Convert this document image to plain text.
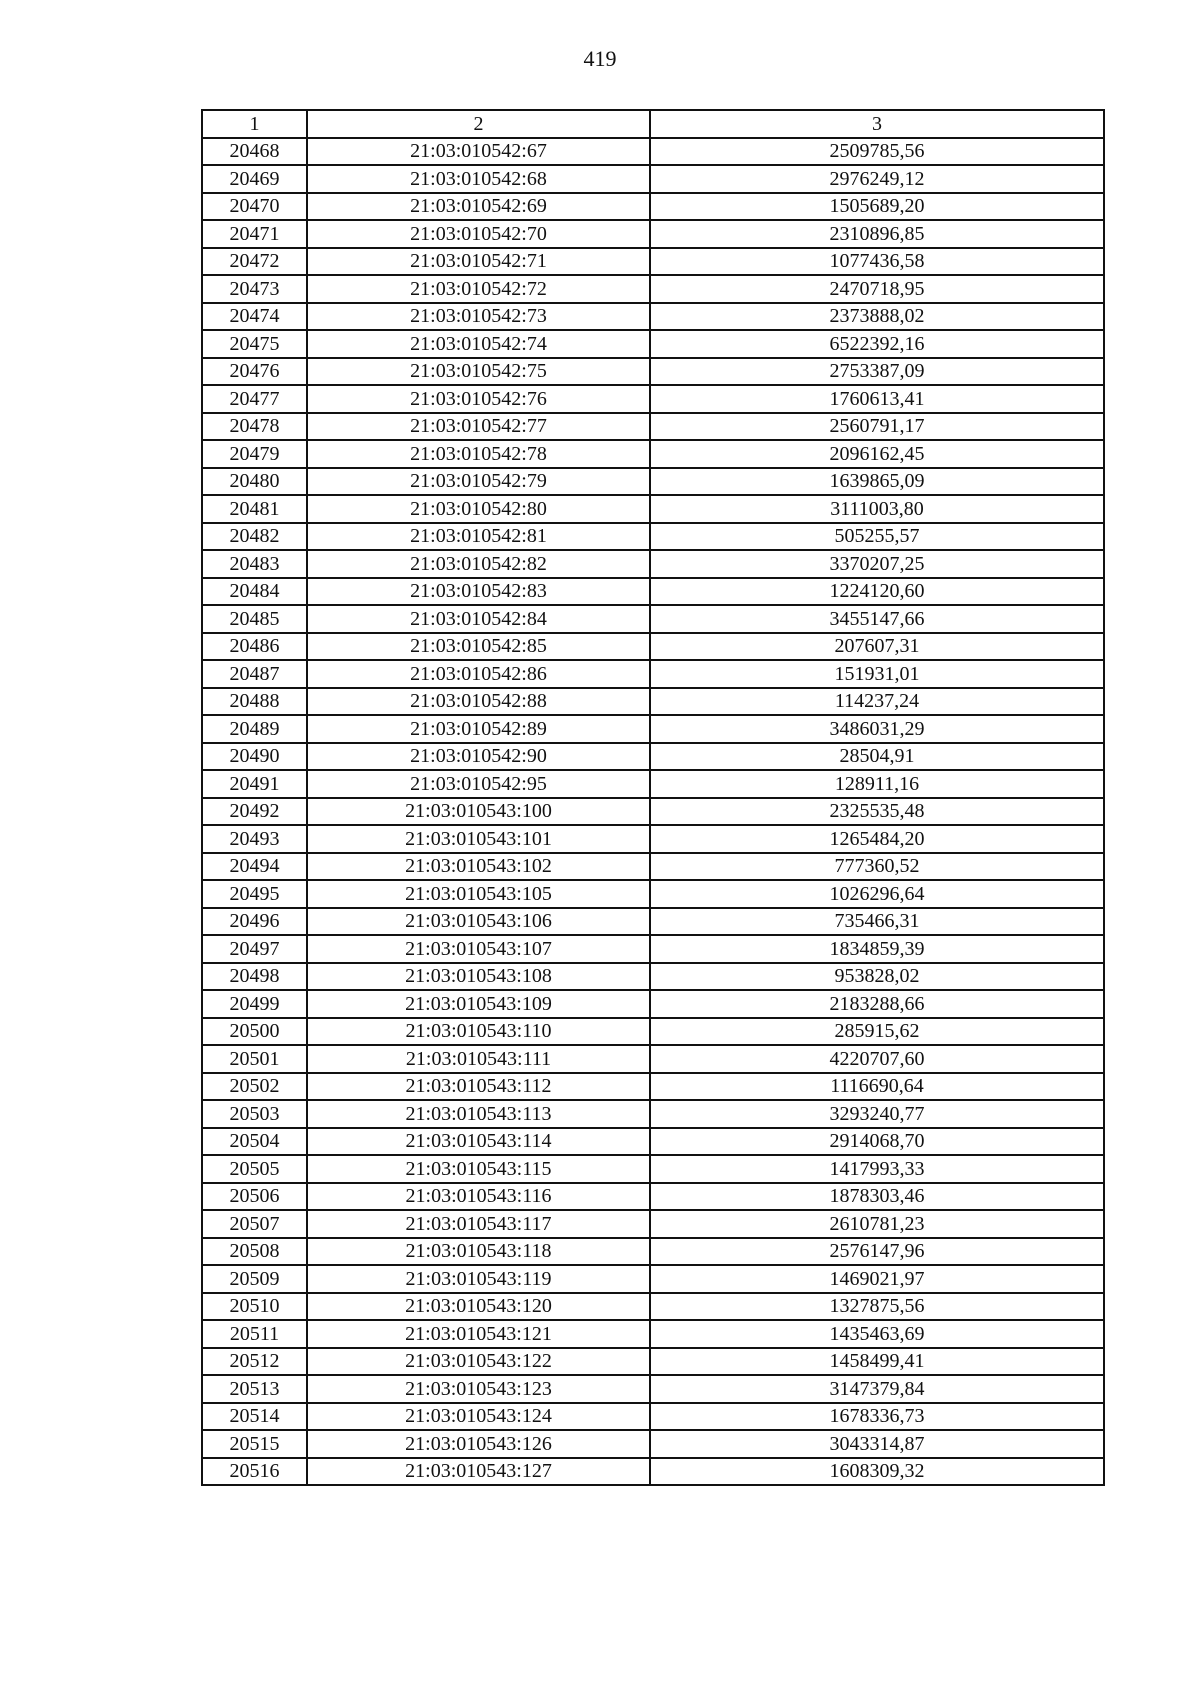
419
1	2	3
20468	21:03:010542:67	2509785,56
20469	21:03:010542:68	2976249,12
20470	21:03:010542:69	1505689,20
20471	21:03:010542:70	2310896,85
20472	21:03:010542:71	1077436,58
20473	21:03:010542:72	2470718,95
20474	21:03:010542:73	2373888,02
20475	21:03:010542:74	6522392,16
20476	21:03:010542:75	2753387,09
20477	21:03:010542:76	1760613,41
20478	21:03:010542:77	2560791,17
20479	21:03:010542:78	2096162,45
20480	21:03:010542:79	1639865,09
20481	21:03:010542:80	3111003,80
20482	21:03:010542:81	505255,57
20483	21:03:010542:82	3370207,25
20484	21:03:010542:83	1224120,60
20485	21:03:010542:84	3455147,66
20486	21:03:010542:85	207607,31
20487	21:03:010542:86	151931,01
20488	21:03:010542:88	114237,24
20489	21:03:010542:89	3486031,29
20490	21:03:010542:90	28504,91
20491	21:03:010542:95	128911,16
20492	21:03:010543:100	2325535,48
20493	21:03:010543:101	1265484,20
20494	21:03:010543:102	777360,52
20495	21:03:010543:105	1026296,64
20496	21:03:010543:106	735466,31
20497	21:03:010543:107	1834859,39
20498	21:03:010543:108	953828,02
20499	21:03:010543:109	2183288,66
20500	21:03:010543:110	285915,62
20501	21:03:010543:111	4220707,60
20502	21:03:010543:112	1116690,64
20503	21:03:010543:113	3293240,77
20504	21:03:010543:114	2914068,70
20505	21:03:010543:115	1417993,33
20506	21:03:010543:116	1878303,46
20507	21:03:010543:117	2610781,23
20508	21:03:010543:118	2576147,96
20509	21:03:010543:119	1469021,97
20510	21:03:010543:120	1327875,56
20511	21:03:010543:121	1435463,69
20512	21:03:010543:122	1458499,41
20513	21:03:010543:123	3147379,84
20514	21:03:010543:124	1678336,73
20515	21:03:010543:126	3043314,87
20516	21:03:010543:127	1608309,32
